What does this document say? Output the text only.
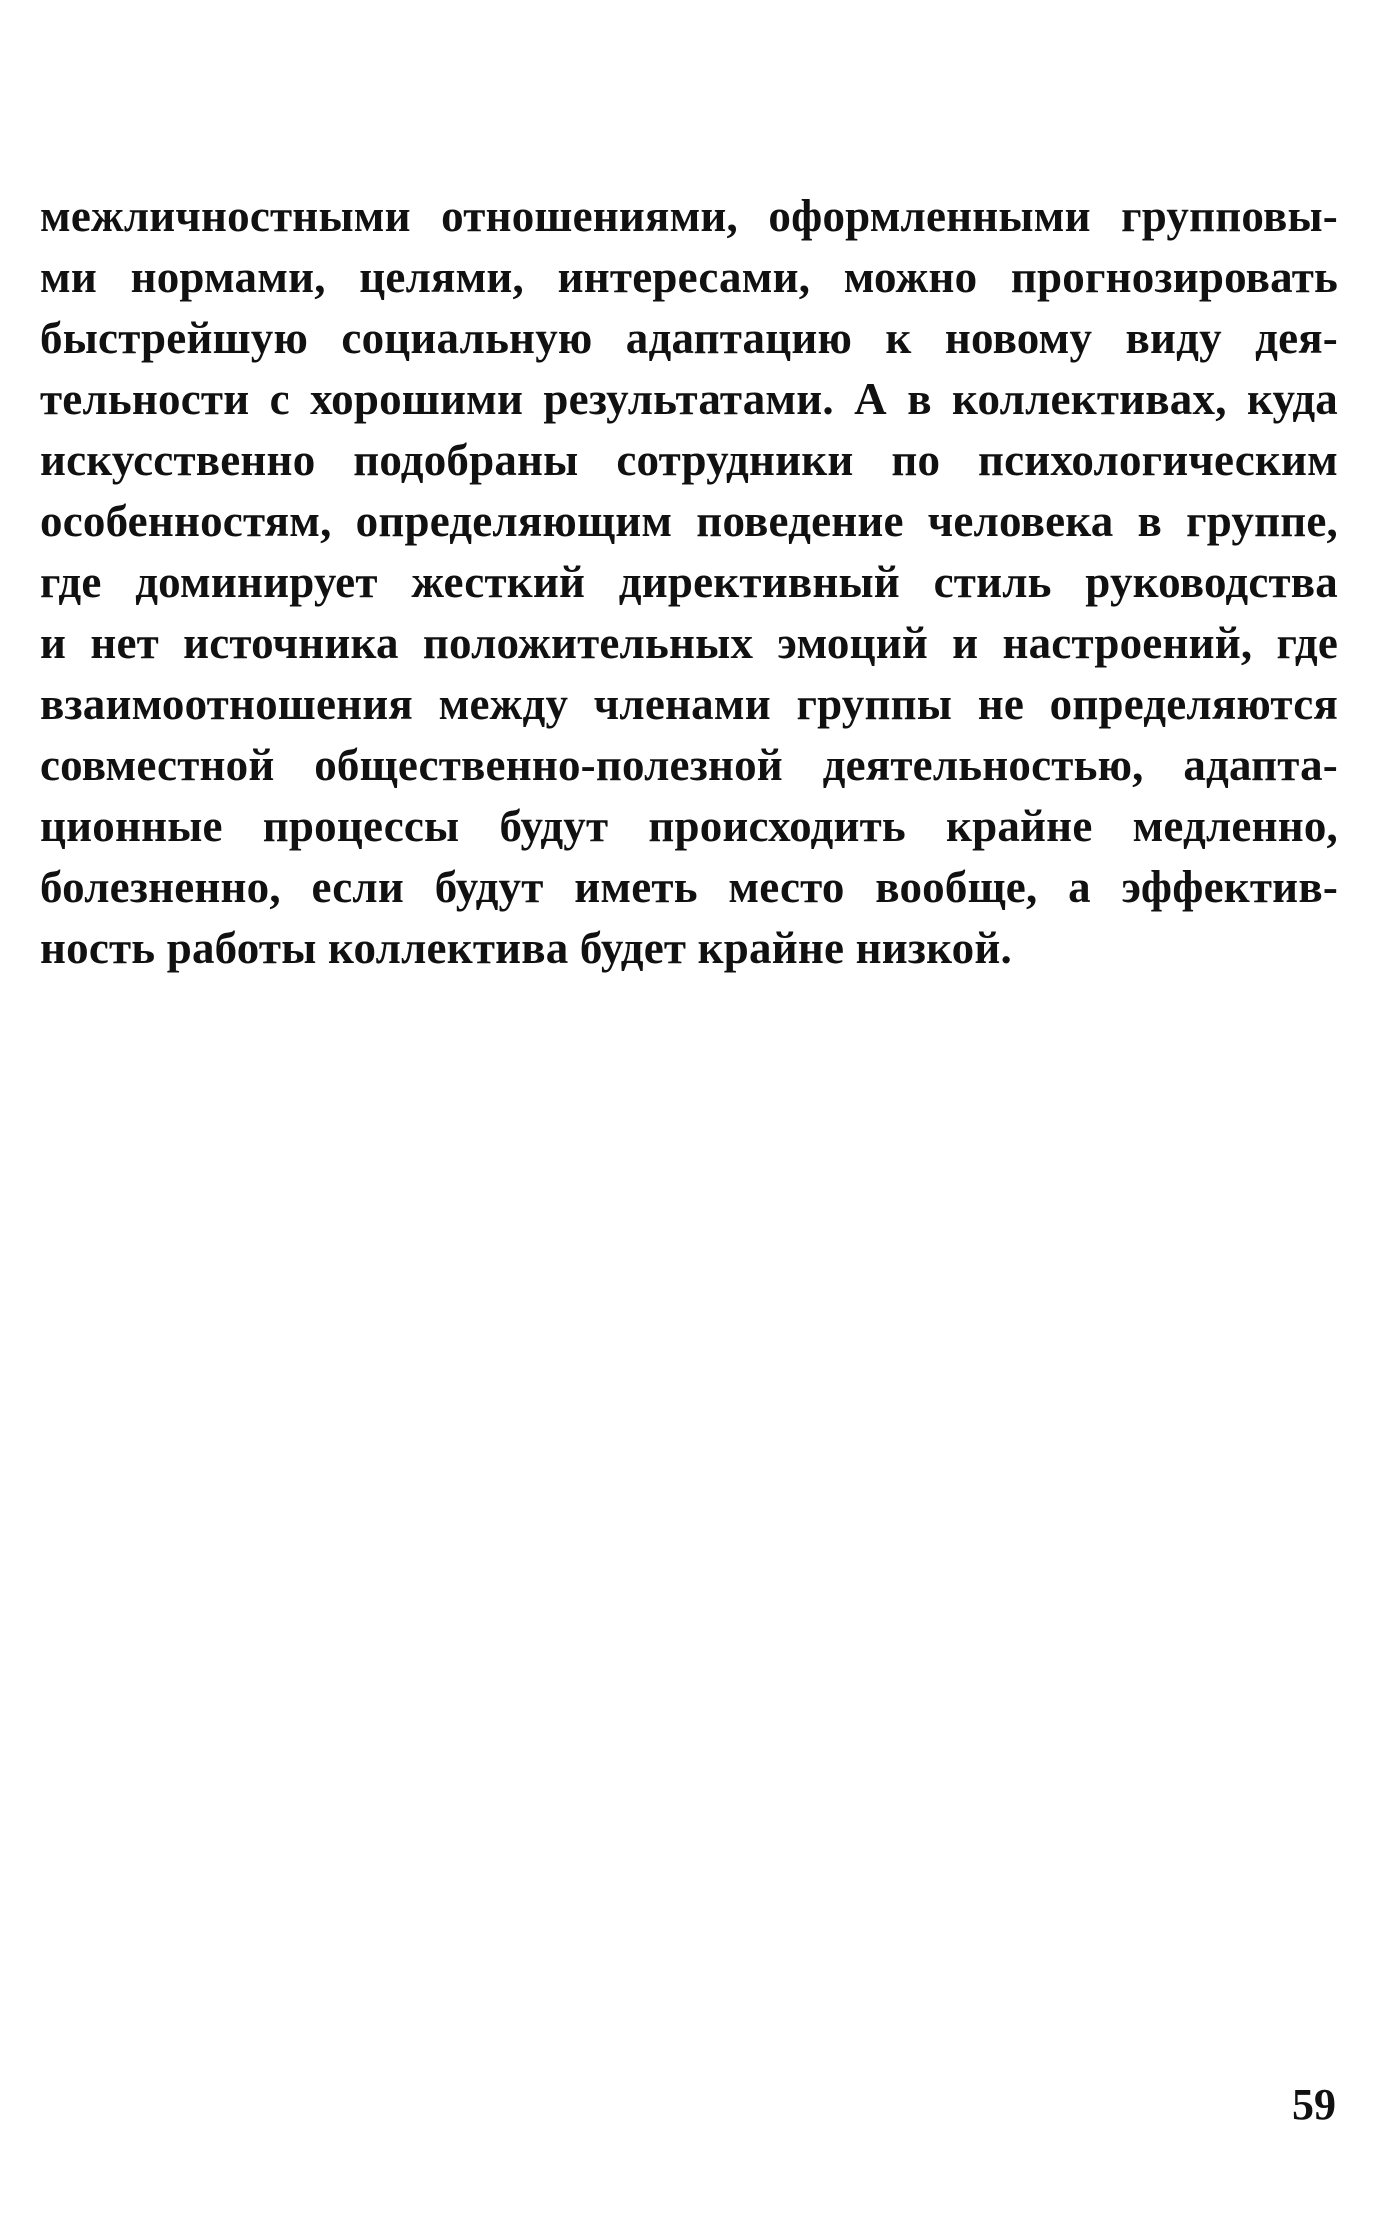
межличностными отношениями, оформленными групповы-
ми нормами, целями, интересами, можно прогнозировать
быстрейшую социальную адаптацию к новому виду дея-
тельности с хорошими результатами. А в коллективах, куда
искусственно подобраны сотрудники по психологическим
особенностям, определяющим поведение человека в группе,
где доминирует жесткий директивный стиль руководства
и нет источника положительных эмоций и настроений, где
взаимоотношения между членами группы не определяются
совместной общественно-полезной деятельностью, адапта-
ционные процессы будут происходить крайне медленно,
болезненно, если будут иметь место вообще, а эффектив-
ность работы коллектива будет крайне низкой.
59
